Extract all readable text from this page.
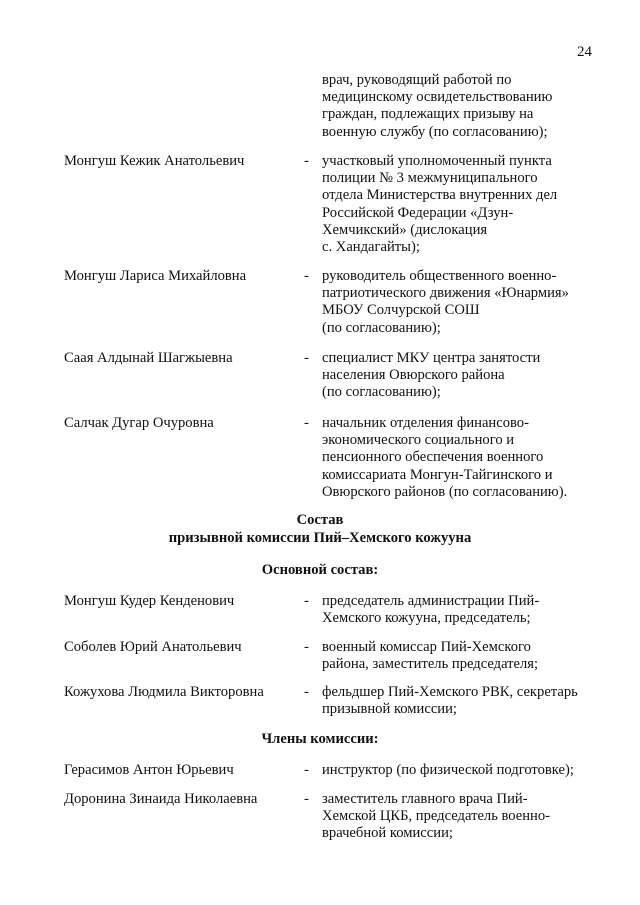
24
врач, руководящий работой по
медицинскому освидетельствованию
граждан, подлежащих призыву на
военную службу (по согласованию);
Монгуш Кежик Анатольевич	- участковый уполномоченный пункта
полиции № 3 межмуниципального
отдела Министерства внутренних дел
Российской Федерации «Дзун-
Хемчикский» (дислокация
с. Хандагайты);
Монгуш Лариса Михайловна	- руководитель общественного военно-
патриотического движения «Юнармия»
МБОУ Солчурской СОШ
(по согласованию);
Саая Алдынай Шагжыевна	- специалист МКУ центра занятости
населения Овюрского района
(по согласованию);
Салчак Дугар Очуровна	- начальник отделения финансово-
экономического социального и
пенсионного обеспечения военного
комиссариата Монгун-Тайгинского и
Овюрского районов (по согласованию).
Состав
призывной комиссии Пий–Хемского кожууна
Основной состав:
Монгуш Кудер Кенденович	- председатель администрации Пий-
Хемского кожууна, председатель;
Соболев Юрий Анатольевич	- военный комиссар Пий-Хемского
района, заместитель председателя;
Кожухова Людмила Викторовна	- фельдшер Пий-Хемского РВК, секретарь
призывной комиссии;
Члены комиссии:
Герасимов Антон Юрьевич	- инструктор (по физической подготовке);
Доронина Зинаида Николаевна	- заместитель главного врача Пий-
Хемской ЦКБ, председатель военно-
врачебной комиссии;
